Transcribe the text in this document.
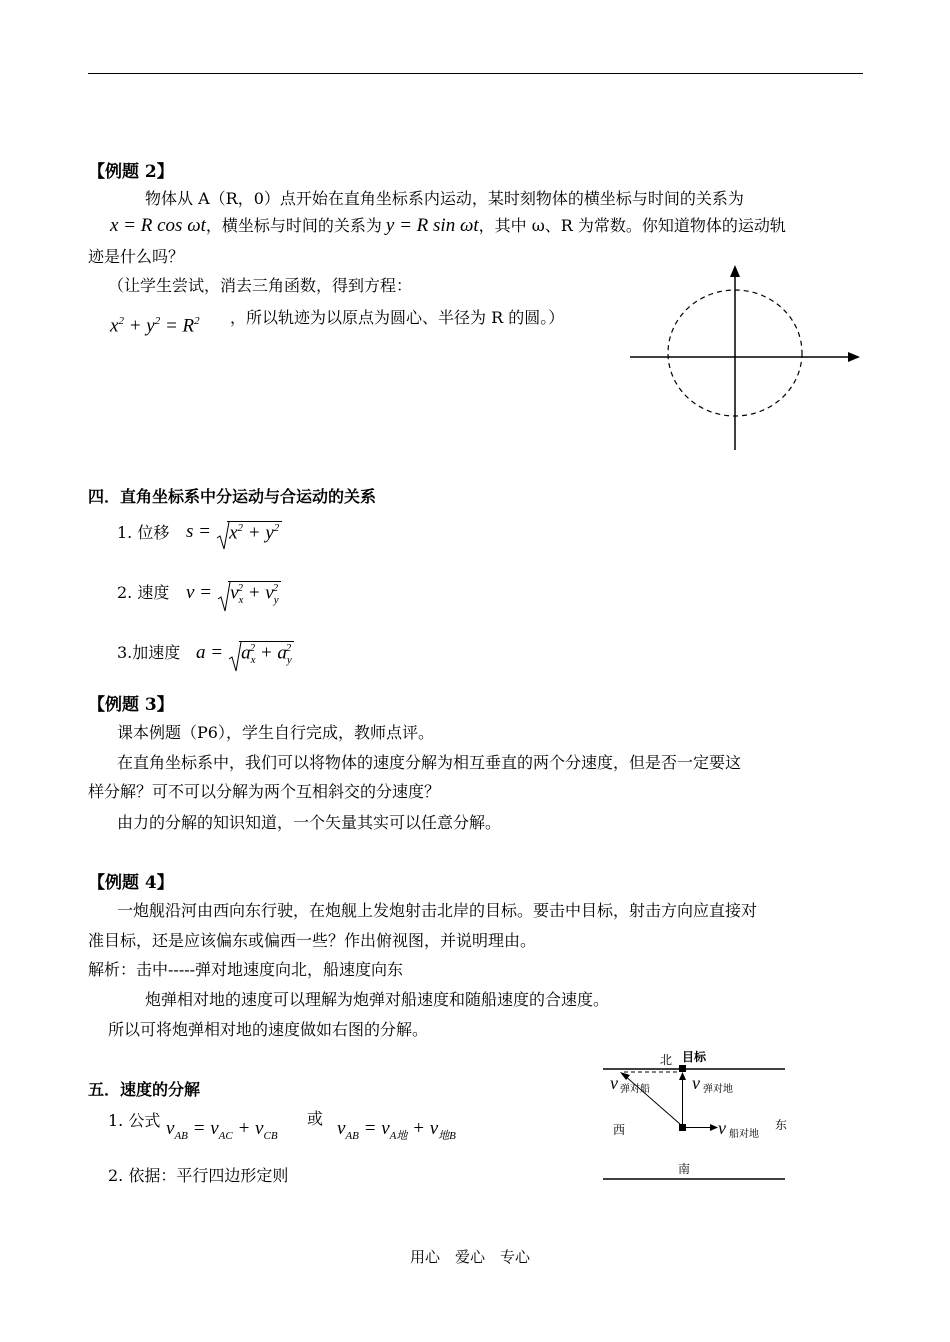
【例题 2】
物体从 A（R，0）点开始在直角坐标系内运动，某时刻物体的横坐标与时间的关系为
x = R cos ωt，横坐标与时间的关系为 y = R sin ωt，其中 ω、R 为常数。你知道物体的运动轨
迹是什么吗？
（让学生尝试，消去三角函数，得到方程：
$x^2 + y^2 = R^2$ ，所以轨迹为以原点为圆心、半径为 R 的圆。）
四．直角坐标系中分运动与合运动的关系
1. 位移 $s = x^2 + y^2$
2. 速度 $v = v_x^2 + v_y^2$
3.加速度 $a = a_x^2 + a_y^2$
【例题 3】
课本例题（P6），学生自行完成，教师点评。
在直角坐标系中，我们可以将物体的速度分解为相互垂直的两个分速度，但是否一定要这
样分解？可不可以分解为两个互相斜交的分速度？
由力的分解的知识知道，一个矢量其实可以任意分解。
【例题 4】
一炮舰沿河由西向东行驶，在炮舰上发炮射击北岸的目标。要击中目标，射击方向应直接对
准目标，还是应该偏东或偏西一些？作出俯视图，并说明理由。
解析：击中-----弹对地速度向北，船速度向东
炮弹相对地的速度可以理解为炮弹对船速度和随船速度的合速度。
所以可将炮弹相对地的速度做如右图的分解。
北 目标
v 弹对船 v 弹对地
v 船对地
西	东
南
五．速度的分解
1. 公式 $v_{AB} = v_{AC} + v_{CB}$
或 $v_{AB} = v_{A地} + v_{地B}$
2. 依据：平行四边形定则
用心　爱心　专心
